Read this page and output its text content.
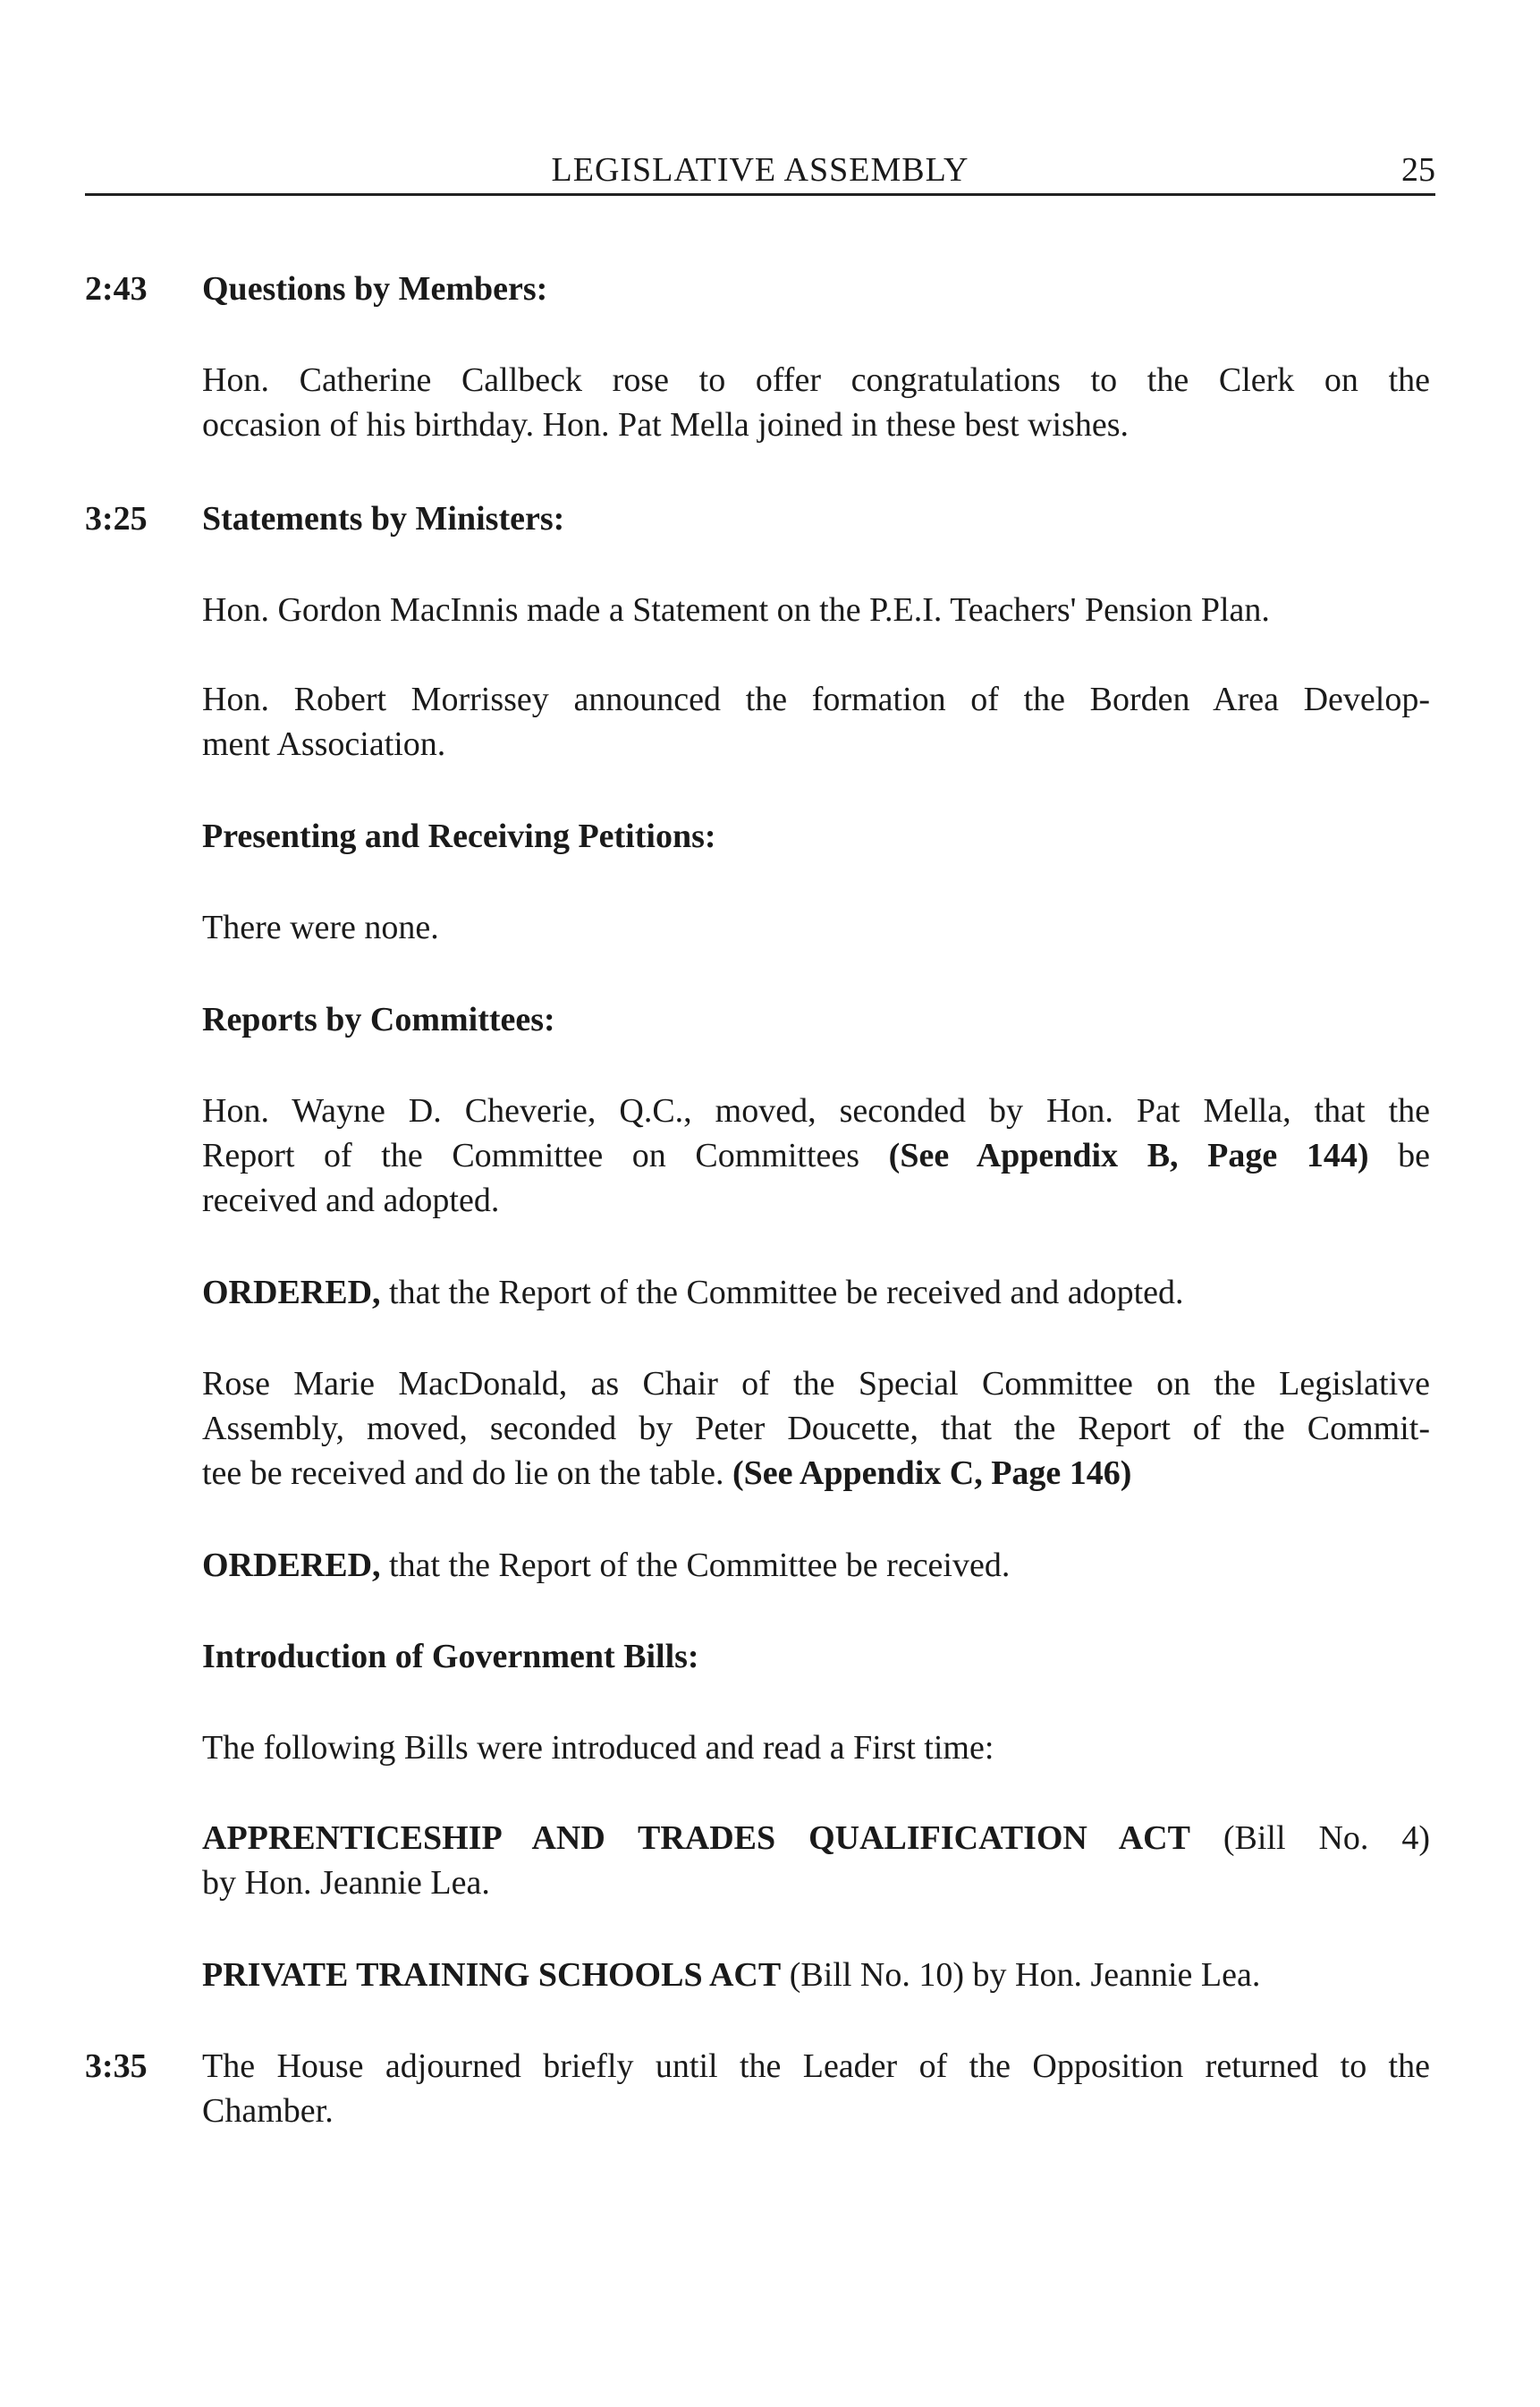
LEGISLATIVE ASSEMBLY	25
2:43 Questions by Members:
Hon. Catherine Callbeck rose to offer congratulations to the Clerk on the
occasion of his birthday. Hon. Pat Mella joined in these best wishes.
3:25 Statements by Ministers:
Hon. Gordon MacInnis made a Statement on the P.E.I. Teachers' Pension Plan.
Hon. Robert Morrissey announced the formation of the Borden Area Develop-
ment Association.
Presenting and Receiving Petitions:
There were none.
Reports by Committees:
Hon. Wayne D. Cheverie, Q.C., moved, seconded by Hon. Pat Mella, that the
Report of the Committee on Committees (See Appendix B, Page 144) be
received and adopted.
ORDERED, that the Report of the Committee be received and adopted.
Rose Marie MacDonald, as Chair of the Special Committee on the Legislative
Assembly, moved, seconded by Peter Doucette, that the Report of the Commit-
tee be received and do lie on the table. (See Appendix C, Page 146)
ORDERED, that the Report of the Committee be received.
Introduction of Government Bills:
The following Bills were introduced and read a First time:
APPRENTICESHIP AND TRADES QUALIFICATION ACT (Bill No. 4)
by Hon. Jeannie Lea.
PRIVATE TRAINING SCHOOLS ACT (Bill No. 10) by Hon. Jeannie Lea.
3:35 The House adjourned briefly until the Leader of the Opposition returned to the
Chamber.
